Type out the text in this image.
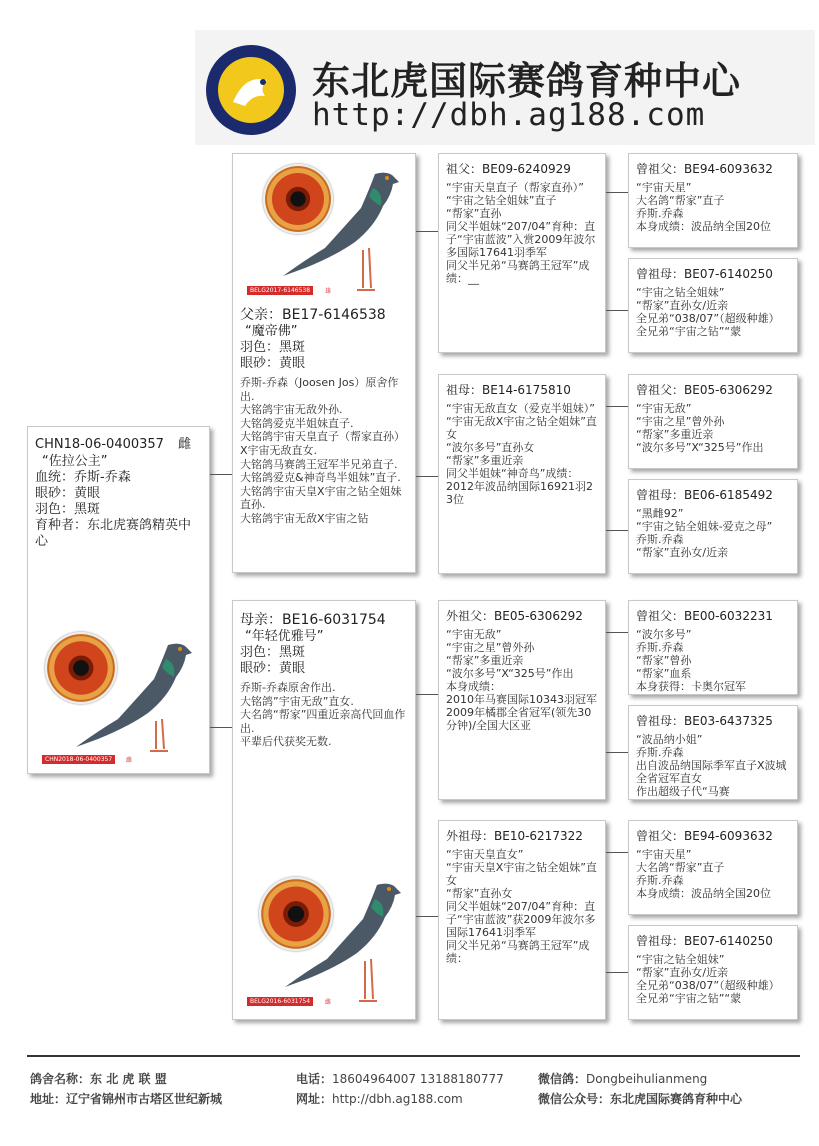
东北虎国际赛鸽育种中心
http://dbh.ag188.com
CHN18-06-0400357 雌
“佐拉公主”
血统：乔斯-乔森
眼砂：黄眼
羽色：黑斑
育种者：东北虎赛鸽精英中心
CHN2018-06-0400357	雌
BELG2017-6146538	雄
父亲：BE17-6146538
“魔帝佛”
羽色：黑斑
眼砂：黄眼
乔斯-乔森（Joosen Jos）原舍作出.
大铭鸽宇宙无敌外孙.
大铭鸽爱克半姐妹直子.
大铭鸽宇宙天皇直子（帮家直孙）X宇宙无敌直女.
大铭鸽马赛鸽王冠军半兄弟直子.
大铭鸽爱克&神奇鸟半姐妹”直子.
大铭鸽宇宙天皇X宇宙之钻全姐妹直孙.
大铭鸽宇宙无敌X宇宙之钻
母亲：BE16-6031754
“年轻优雅号”
羽色：黑斑
眼砂：黄眼
乔斯-乔森原舍作出.
大铭鸽”宇宙无敌”直女.
大名鸽“帮家”四重近亲高代回血作出.
平辈后代获奖无数.
BELG2016-6031754	雌
祖父：BE09-6240929
“宇宙天皇直子（帮家直孙）”
“宇宙之钻全姐妹”直子
“帮家”直孙
同父半姐妹“207/04”育种：直子“宇宙蓝波”入赏2009年波尔多国际17641羽季军
同父半兄弟“马赛鸽王冠军”成绩：__
祖母：BE14-6175810
“宇宙无敌直女（爱克半姐妹）”
“宇宙无敌X宇宙之钻全姐妹”直女
“波尔多号”直孙女
“帮家”多重近亲
同父半姐妹“神奇鸟”成绩：
2012年波品纳国际16921羽23位
外祖父：BE05-6306292
“宇宙无敌”
“宇宙之星”曾外孙
“帮家”多重近亲
“波尔多号”X“325号”作出
本身成绩：
2010年马赛国际10343羽冠军
2009年橘郡全省冠军(领先30分钟)/全国大区亚
外祖母：BE10-6217322
“宇宙天皇直女”
“宇宙天皇X宇宙之钻全姐妹”直女
“帮家”直孙女
同父半姐妹“207/04”育种：直子“宇宙蓝波”获2009年波尔多国际17641羽季军
同父半兄弟“马赛鸽王冠军”成绩：
曾祖父：BE94-6093632
“宇宙天星”
大名鸽“帮家”直子
乔斯.乔森
本身成绩：波品纳全国20位
曾祖母：BE07-6140250
“宇宙之钻全姐妹”
“帮家”直孙女/近亲
全兄弟“038/07”（超级种雄）
全兄弟“宇宙之钻”“蒙
曾祖父：BE05-6306292
“宇宙无敌”
“宇宙之星”曾外孙
“帮家”多重近亲
“波尔多号”X“325号”作出
曾祖母：BE06-6185492
“黑雌92”
“宇宙之钻全姐妹-爱克之母”
乔斯.乔森
“帮家”直孙女/近亲
曾祖父：BE00-6032231
“波尔多号”
乔斯.乔森
“帮家”曾孙
“帮家”血系
本身获得：卡奥尔冠军
曾祖母：BE03-6437325
“波品纳小姐”
乔斯.乔森
出自波品纳国际季军直子X波城全省冠军直女
作出超级子代“马赛
曾祖父：BE94-6093632
“宇宙天星”
大名鸽“帮家”直子
乔斯.乔森
本身成绩：波品纳全国20位
曾祖母：BE07-6140250
“宇宙之钻全姐妹”
“帮家”直孙女/近亲
全兄弟“038/07”（超级种雄）
全兄弟“宇宙之钻”“蒙
鸽舍名称：东 北 虎 联 盟	电话：18604964007 13188180777	微信鸽：Dongbeihulianmeng
地址：辽宁省锦州市古塔区世纪新城	网址：http://dbh.ag188.com	微信公众号：东北虎国际赛鸽育种中心
